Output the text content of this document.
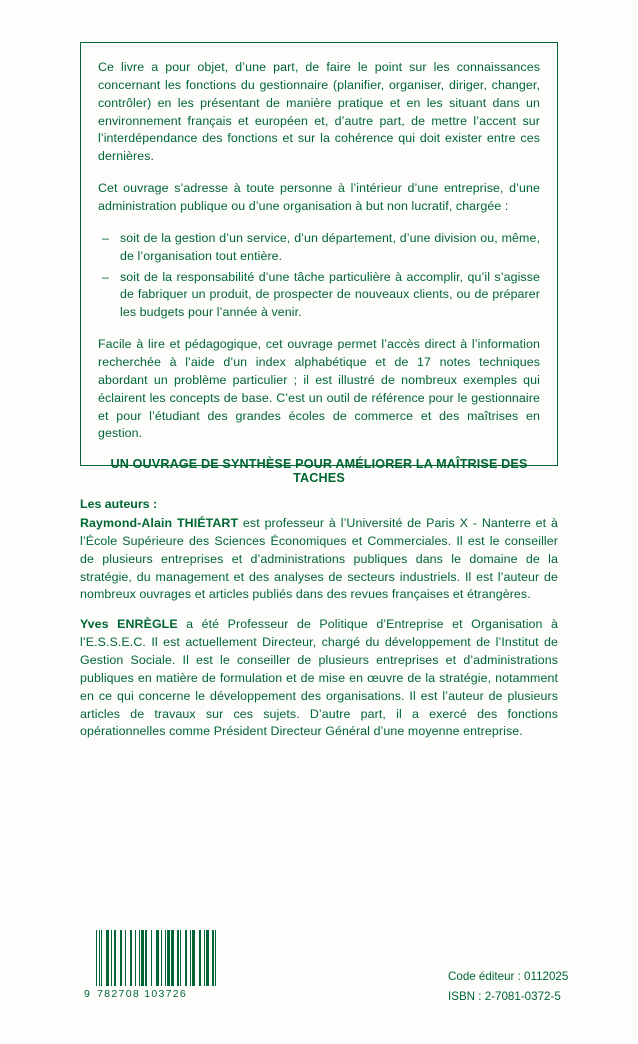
Ce livre a pour objet, d’une part, de faire le point sur les connaissances concernant les fonctions du gestionnaire (planifier, organiser, diriger, changer, contrôler) en les présentant de manière pratique et en les situant dans un environnement français et européen et, d’autre part, de mettre l’accent sur l’interdépendance des fonctions et sur la cohérence qui doit exister entre ces dernières.

Cet ouvrage s’adresse à toute personne à l’intérieur d’une entreprise, d’une administration publique ou d’une organisation à but non lucratif, chargée :

– soit de la gestion d’un service, d’un département, d’une division ou, même, de l’organisation tout entière.
– soit de la responsabilité d’une tâche particulière à accomplir, qu’il s’agisse de fabriquer un produit, de prospecter de nouveaux clients, ou de préparer les budgets pour l’année à venir.

Facile à lire et pédagogique, cet ouvrage permet l’accès direct à l’information recherchée à l’aide d’un index alphabétique et de 17 notes techniques abordant un problème particulier ; il est illustré de nombreux exemples qui éclairent les concepts de base. C’est un outil de référence pour le gestionnaire et pour l’étudiant des grandes écoles de commerce et des maîtrises en gestion.

UN OUVRAGE DE SYNTHÈSE POUR AMÉLIORER LA MAÎTRISE DES TACHES
Les auteurs :

Raymond-Alain THIÉTART est professeur à l’Université de Paris X - Nanterre et à l’École Supérieure des Sciences Économiques et Commerciales. Il est le conseiller de plusieurs entreprises et d’administrations publiques dans le domaine de la stratégie, du management et des analyses de secteurs industriels. Il est l’auteur de nombreux ouvrages et articles publiés dans des revues françaises et étrangères.

Yves ENRÈGLE a été Professeur de Politique d’Entreprise et Organisation à l’E.S.S.E.C. Il est actuellement Directeur, chargé du développement de l’Institut de Gestion Sociale. Il est le conseiller de plusieurs entreprises et d’administrations publiques en matière de formulation et de mise en œuvre de la stratégie, notamment en ce qui concerne le développement des organisations. Il est l’auteur de plusieurs articles de travaux sur ces sujets. D’autre part, il a exercé des fonctions opérationnelles comme Président Directeur Général d’une moyenne entreprise.

9 782708 103726
Code éditeur : 0112025
ISBN : 2-7081-0372-5
